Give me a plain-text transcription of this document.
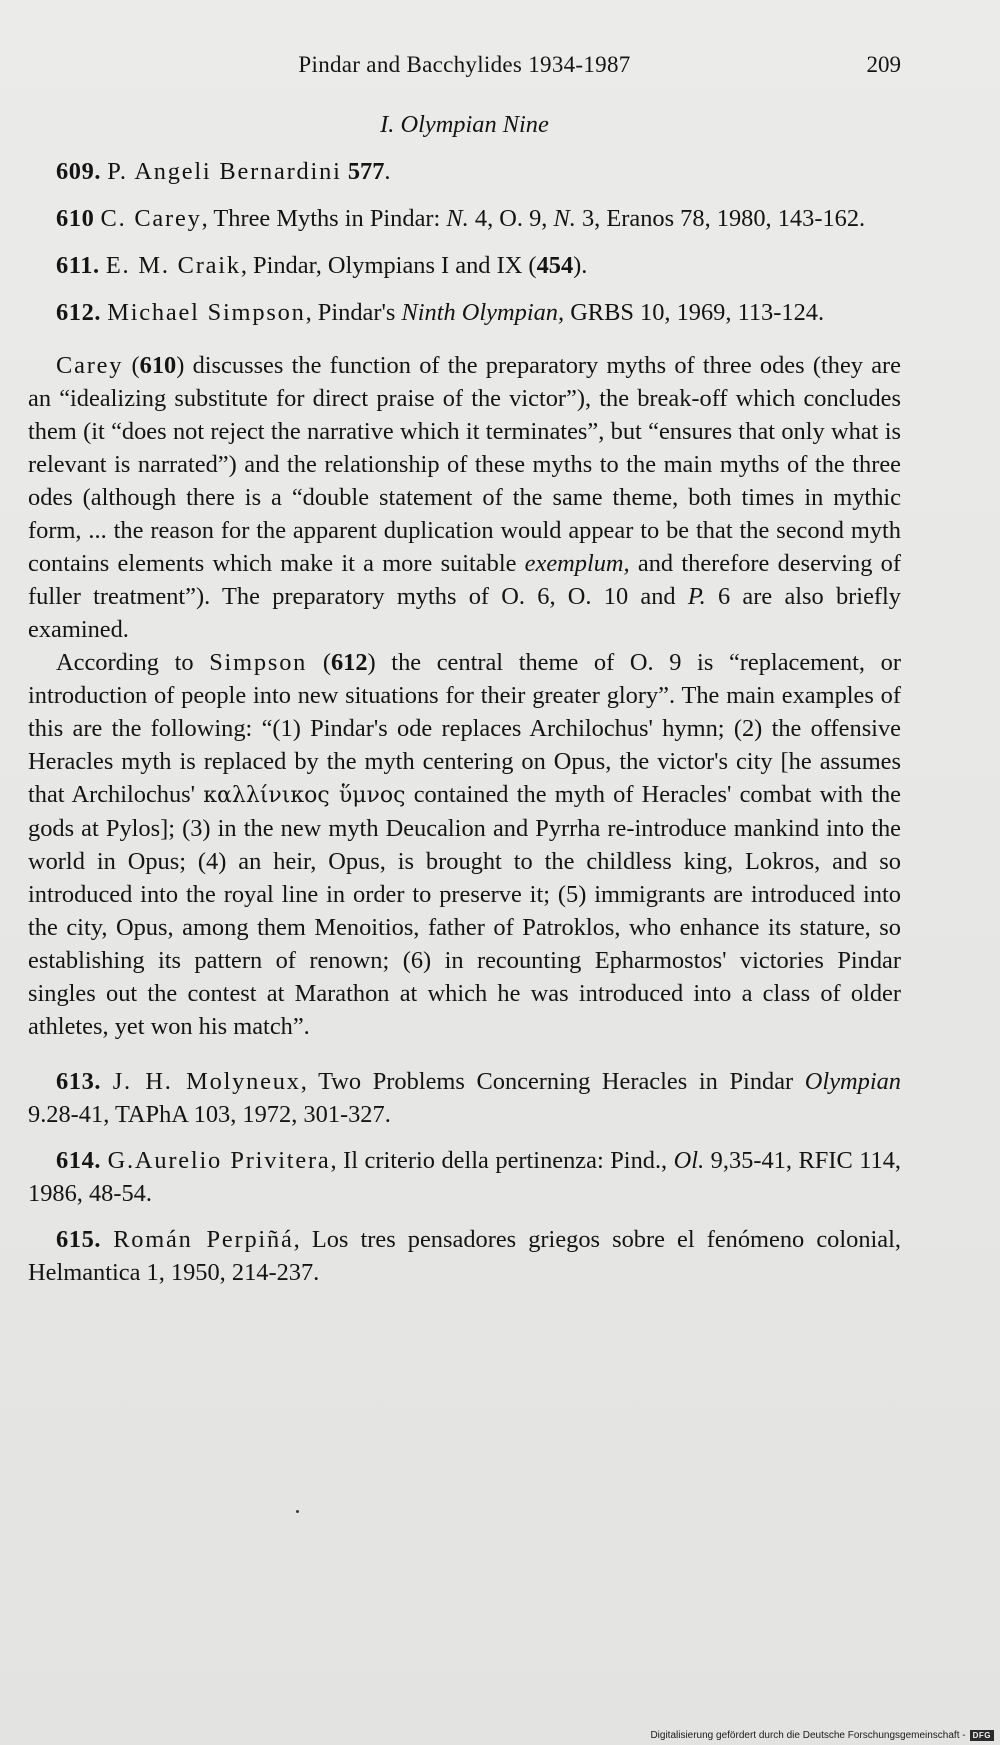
Pindar and Bacchylides 1934-1987	209
I. Olympian Nine

609. P. Angeli Bernardini 577.

610 C. Carey, Three Myths in Pindar: N. 4, O. 9, N. 3, Eranos 78, 1980, 143-162.

611. E. M. Craik, Pindar, Olympians I and IX (454).

612. Michael Simpson, Pindar's Ninth Olympian, GRBS 10, 1969, 113-124.

Carey (610) discusses the function of the preparatory myths of three odes (they are an “idealizing substitute for direct praise of the victor”), the break-off which concludes them (it “does not reject the narrative which it terminates”, but “ensures that only what is relevant is narrated”) and the relationship of these myths to the main myths of the three odes (although there is a “double statement of the same theme, both times in mythic form, ... the reason for the apparent duplication would appear to be that the second myth contains elements which make it a more suitable exemplum, and therefore deserving of fuller treatment”). The preparatory myths of O. 6, O. 10 and P. 6 are also briefly examined.

According to Simpson (612) the central theme of O. 9 is “replacement, or introduction of people into new situations for their greater glory”. The main examples of this are the following: “(1) Pindar's ode replaces Archilochus' hymn; (2) the offensive Heracles myth is replaced by the myth centering on Opus, the victor's city [he assumes that Archilochus' καλλίνικος ὕμνος contained the myth of Heracles' combat with the gods at Pylos]; (3) in the new myth Deucalion and Pyrrha re-introduce mankind into the world in Opus; (4) an heir, Opus, is brought to the childless king, Lokros, and so introduced into the royal line in order to preserve it; (5) immigrants are introduced into the city, Opus, among them Menoitios, father of Patroklos, who enhance its stature, so establishing its pattern of renown; (6) in recounting Epharmostos' victories Pindar singles out the contest at Marathon at which he was introduced into a class of older athletes, yet won his match”.

613. J. H. Molyneux, Two Problems Concerning Heracles in Pindar Olympian 9.28-41, TAPhA 103, 1972, 301-327.

614. G.Aurelio Privitera, Il criterio della pertinenza: Pind., Ol. 9,35-41, RFIC 114, 1986, 48-54.

615. Román Perpiñá, Los tres pensadores griegos sobre el fenómeno colonial, Helmantica 1, 1950, 214-237.

Digitalisierung gefördert durch die Deutsche Forschungsgemeinschaft - DFG
